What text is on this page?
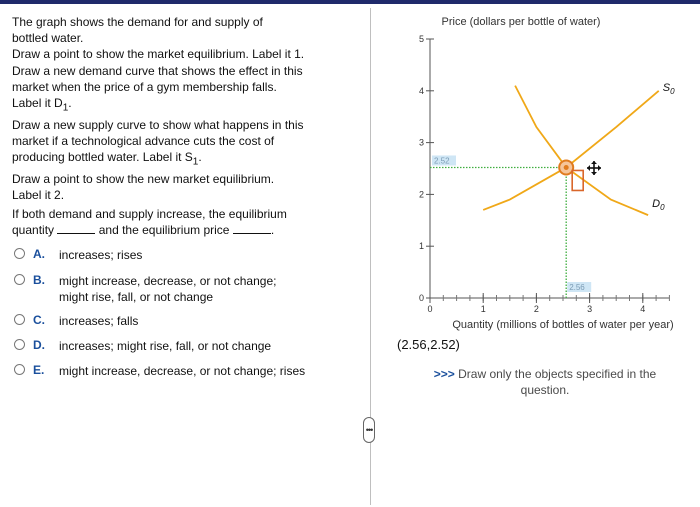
The graph shows the demand for and supply of

bottled water.

Draw a point to show the market equilibrium. Label it 1.

Draw a new demand curve that shows the effect in this

market when the price of a gym membership falls.

Label it $D_1$.

Draw a new supply curve to show what happens in this

market if a technological advance cuts the cost of

producing bottled water. Label it $S_1$.

Draw a point to show the new market equilibrium.

Label it 2.

If both demand and supply increase, the equilibrium

quantity	and the equilibrium price	.

A.	increases; rises
B.	might increase, decrease, or not change;
might rise, fall, or not change
C.	increases; falls
D.	increases; might rise, fall, or not change
E.	might increase, decrease, or not change; rises
•••
Price (dollars per bottle of water)
0
1
2
3
4
5
0	1	2	3	4
$S_0$
$D_0$
2.52
2.56
Quantity (millions of bottles of water per year)
(2.56,2.52)
>>> Draw only the objects specified in the question.
